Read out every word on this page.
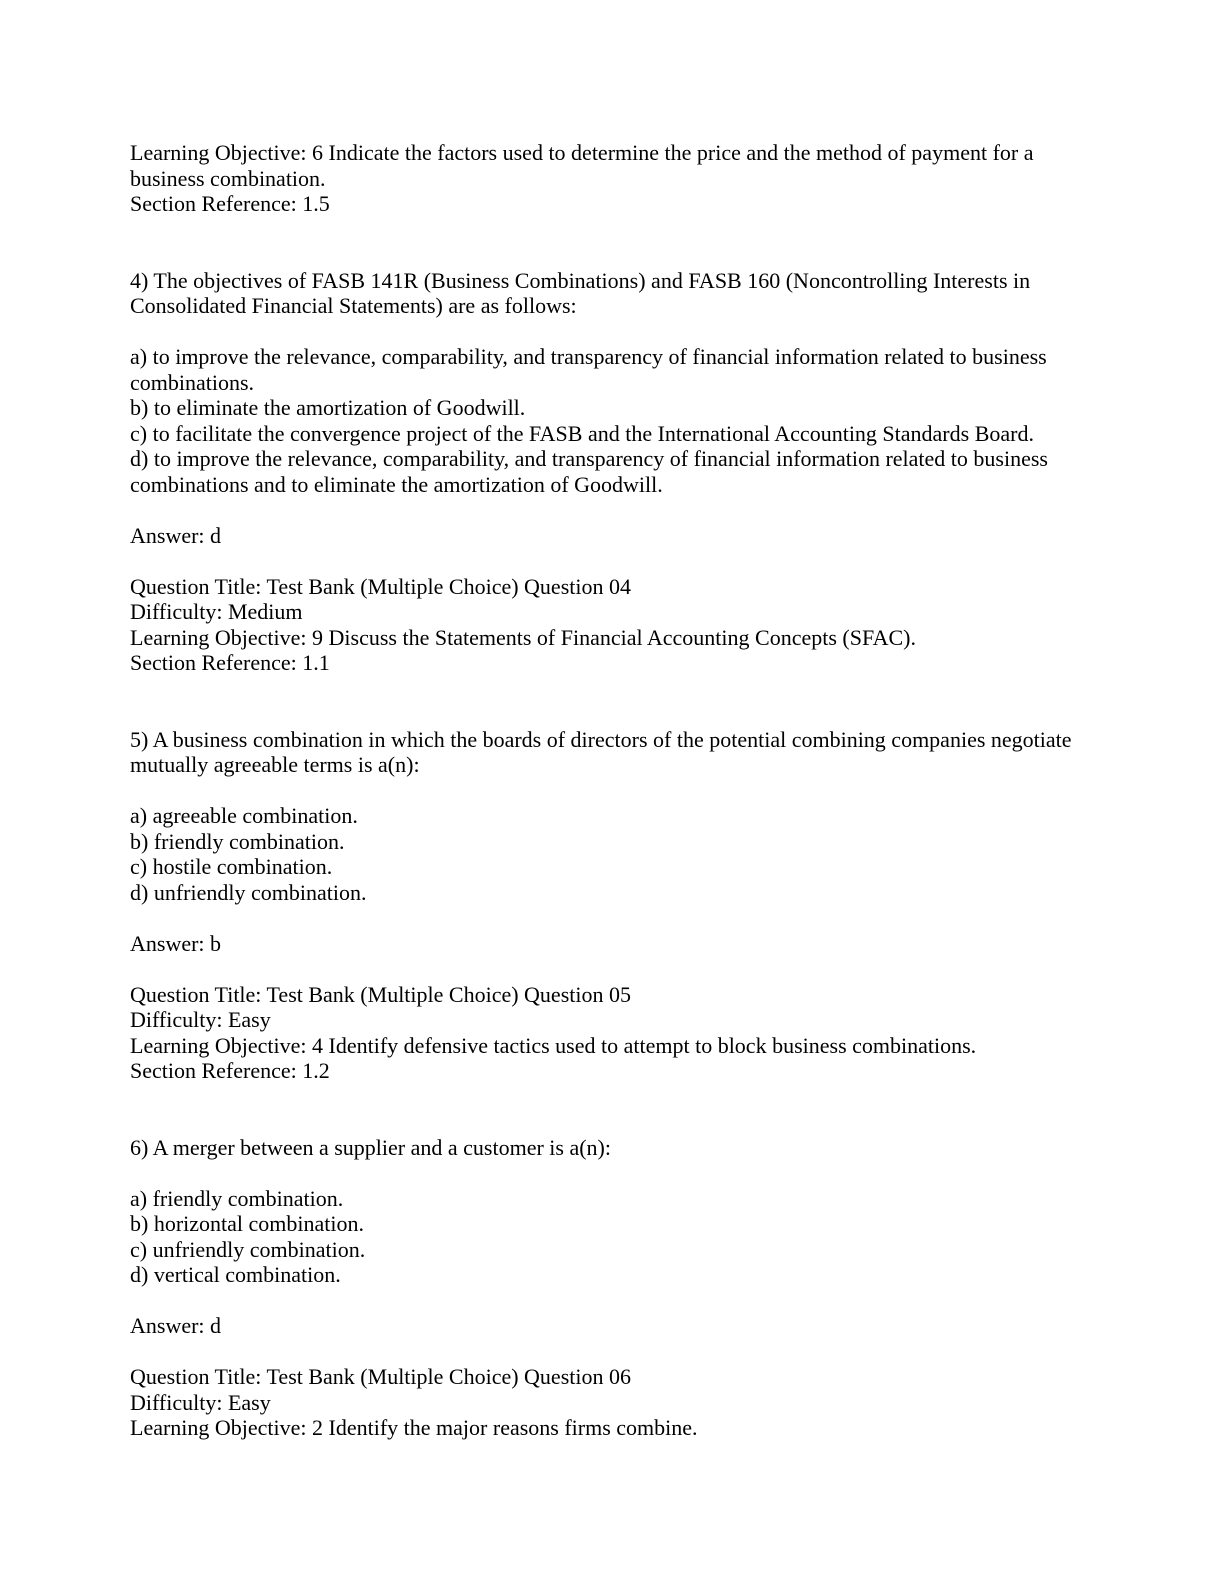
Learning Objective: 6 Indicate the factors used to determine the price and the method of payment for a business combination.

Section Reference: 1.5

4) The objectives of FASB 141R (Business Combinations) and FASB 160 (Noncontrolling Interests in Consolidated Financial Statements) are as follows:

a) to improve the relevance, comparability, and transparency of financial information related to business combinations.

b) to eliminate the amortization of Goodwill.

c) to facilitate the convergence project of the FASB and the International Accounting Standards Board.

d) to improve the relevance, comparability, and transparency of financial information related to business combinations and to eliminate the amortization of Goodwill.

Answer: d

Question Title: Test Bank (Multiple Choice) Question 04

Difficulty: Medium

Learning Objective: 9 Discuss the Statements of Financial Accounting Concepts (SFAC).

Section Reference: 1.1

5) A business combination in which the boards of directors of the potential combining companies negotiate mutually agreeable terms is a(n):

a) agreeable combination.

b) friendly combination.

c) hostile combination.

d) unfriendly combination.

Answer: b

Question Title: Test Bank (Multiple Choice) Question 05

Difficulty: Easy

Learning Objective: 4 Identify defensive tactics used to attempt to block business combinations.

Section Reference: 1.2

6) A merger between a supplier and a customer is a(n):

a) friendly combination.

b) horizontal combination.

c) unfriendly combination.

d) vertical combination.

Answer: d

Question Title: Test Bank (Multiple Choice) Question 06

Difficulty: Easy

Learning Objective: 2 Identify the major reasons firms combine.
